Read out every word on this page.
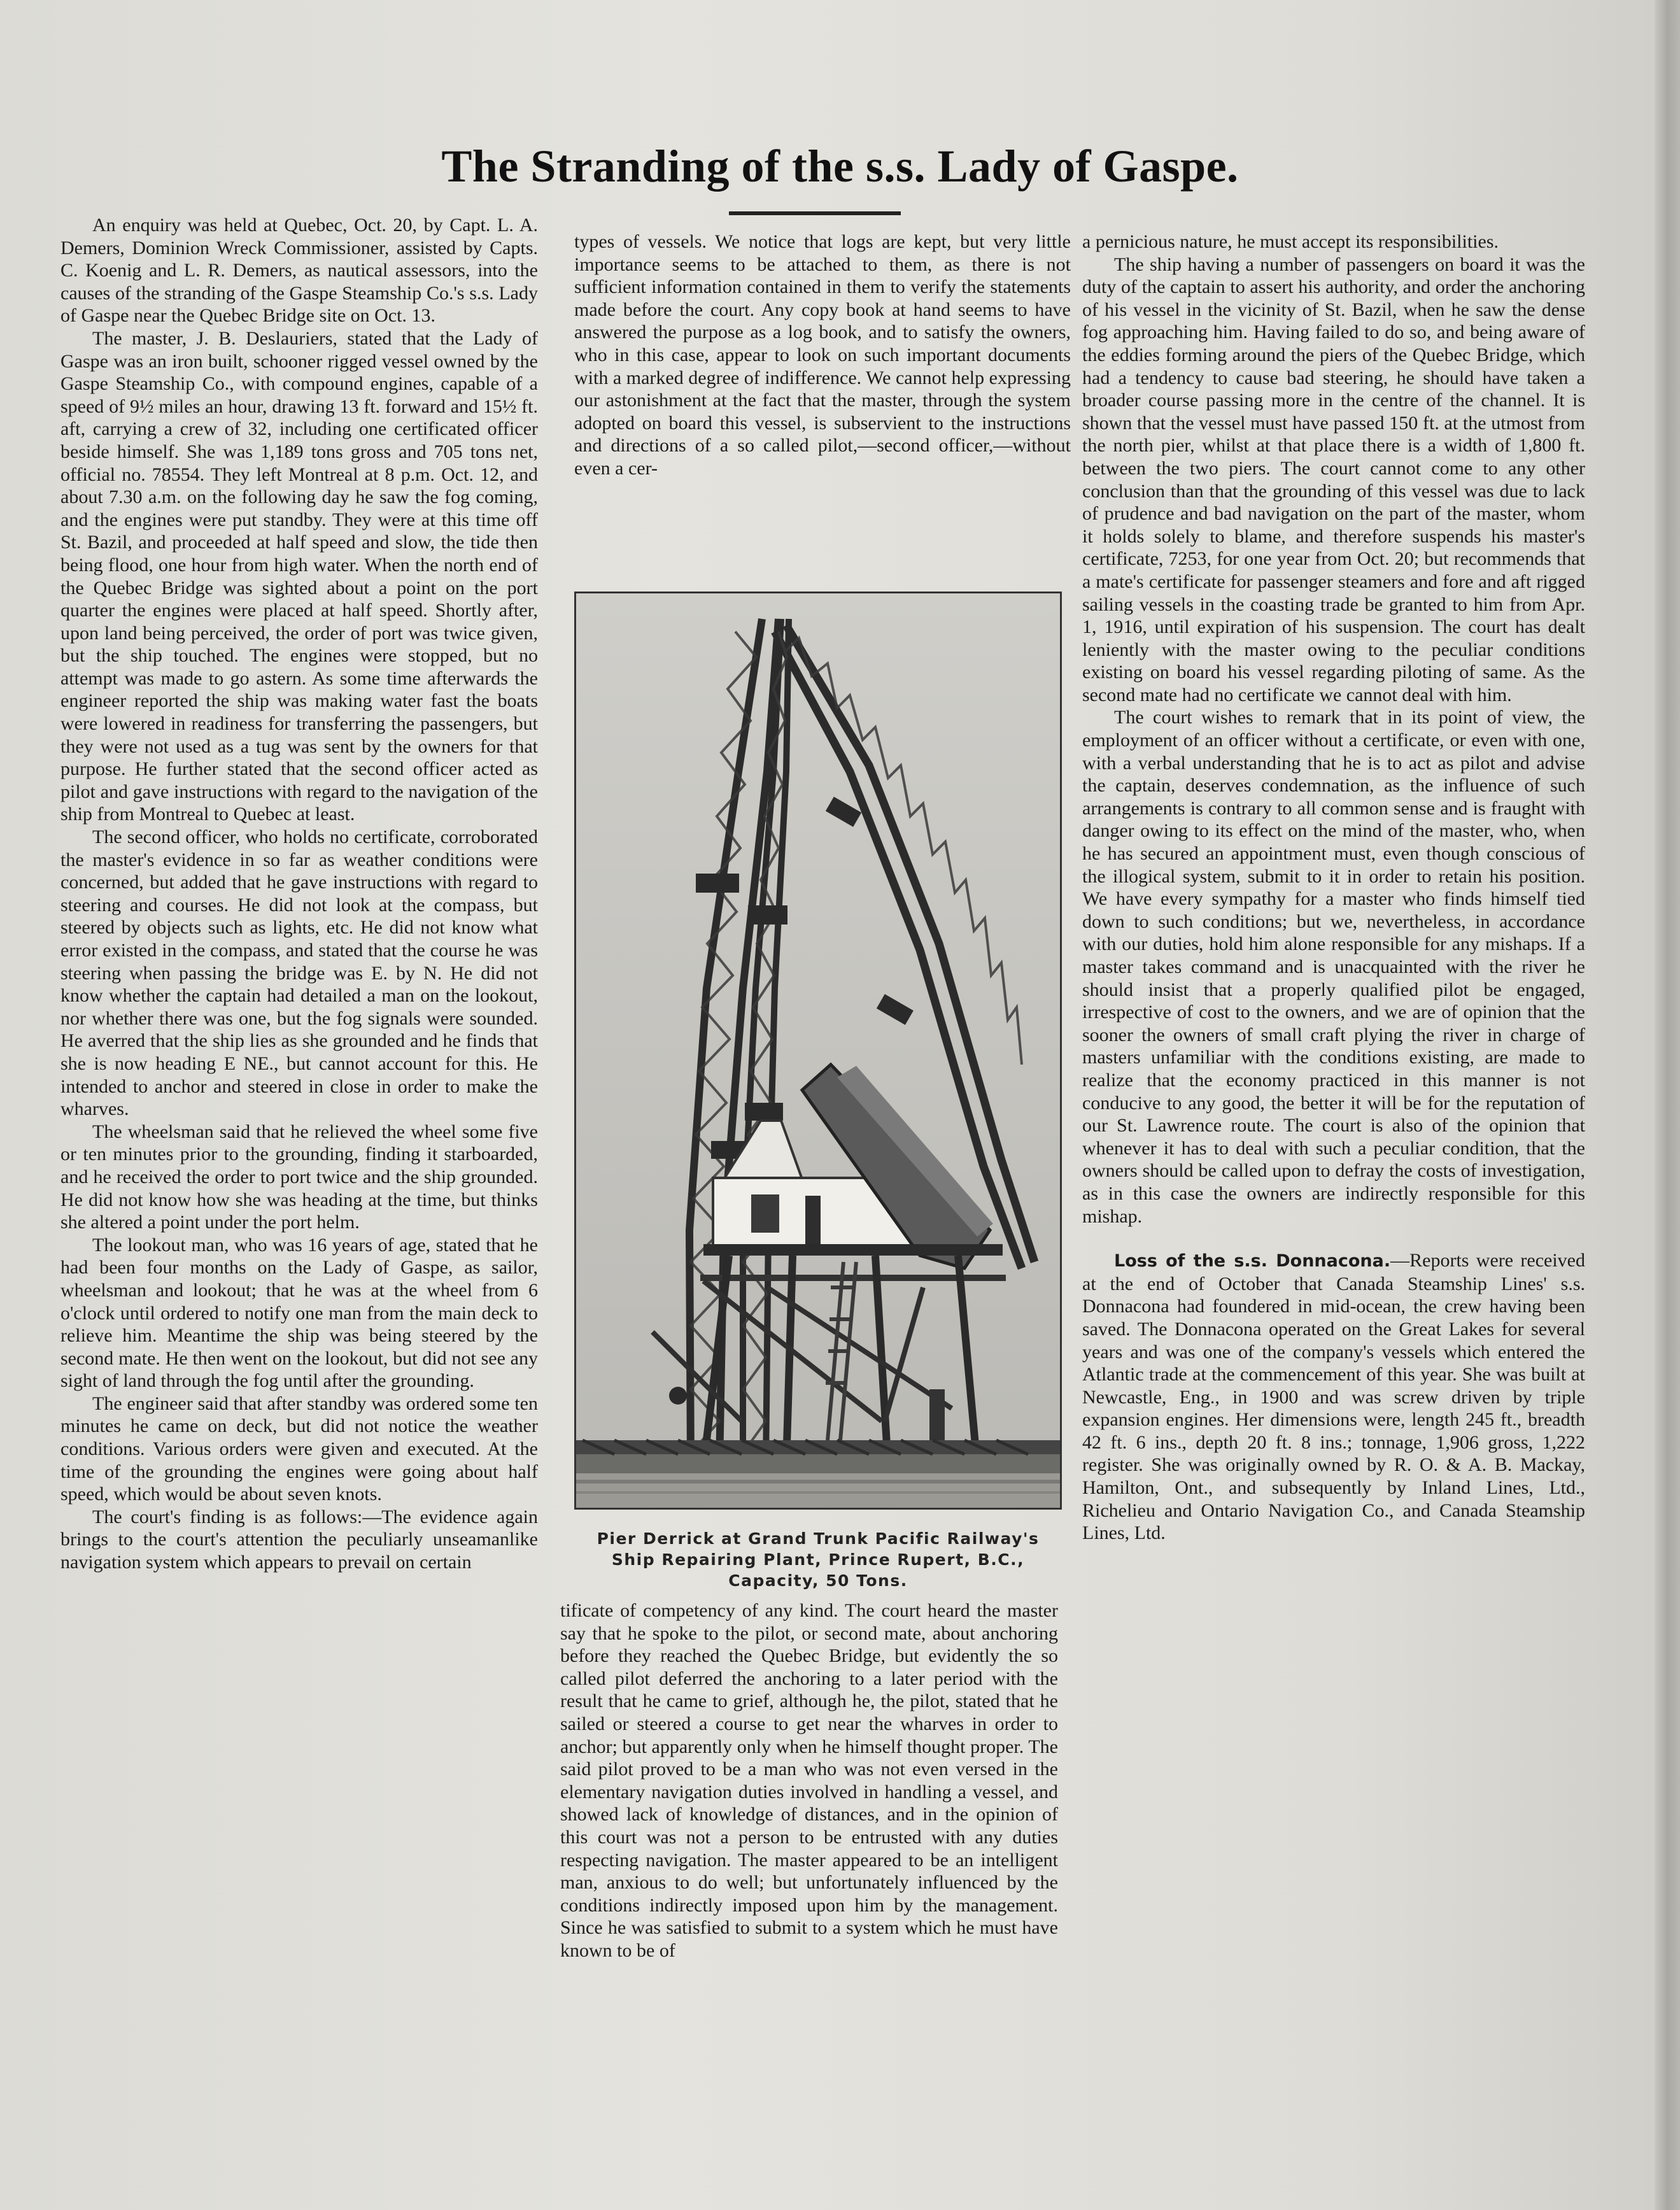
The Stranding of the s.s. Lady of Gaspe.

An enquiry was held at Quebec, Oct. 20, by Capt. L. A. Demers, Dominion Wreck Commissioner, assisted by Capts. C. Koenig and L. R. Demers, as nautical assessors, into the causes of the stranding of the Gaspe Steamship Co.'s s.s. Lady of Gaspe near the Quebec Bridge site on Oct. 13.

The master, J. B. Deslauriers, stated that the Lady of Gaspe was an iron built, schooner rigged vessel owned by the Gaspe Steamship Co., with compound engines, capable of a speed of 9½ miles an hour, drawing 13 ft. forward and 15½ ft. aft, carrying a crew of 32, including one certificated officer beside himself. She was 1,189 tons gross and 705 tons net, official no. 78554. They left Montreal at 8 p.m. Oct. 12, and about 7.30 a.m. on the following day he saw the fog coming, and the engines were put standby. They were at this time off St. Bazil, and proceeded at half speed and slow, the tide then being flood, one hour from high water. When the north end of the Quebec Bridge was sighted about a point on the port quarter the engines were placed at half speed. Shortly after, upon land being perceived, the order of port was twice given, but the ship touched. The engines were stopped, but no attempt was made to go astern. As some time afterwards the engineer reported the ship was making water fast the boats were lowered in readiness for transferring the passengers, but they were not used as a tug was sent by the owners for that purpose. He further stated that the second officer acted as pilot and gave instructions with regard to the navigation of the ship from Montreal to Quebec at least.

The second officer, who holds no certificate, corroborated the master's evidence in so far as weather conditions were concerned, but added that he gave instructions with regard to steering and courses. He did not look at the compass, but steered by objects such as lights, etc. He did not know what error existed in the compass, and stated that the course he was steering when passing the bridge was E. by N. He did not know whether the captain had detailed a man on the lookout, nor whether there was one, but the fog signals were sounded. He averred that the ship lies as she grounded and he finds that she is now heading E NE., but cannot account for this. He intended to anchor and steered in close in order to make the wharves.

The wheelsman said that he relieved the wheel some five or ten minutes prior to the grounding, finding it starboarded, and he received the order to port twice and the ship grounded. He did not know how she was heading at the time, but thinks she altered a point under the port helm.

The lookout man, who was 16 years of age, stated that he had been four months on the Lady of Gaspe, as sailor, wheelsman and lookout; that he was at the wheel from 6 o'clock until ordered to notify one man from the main deck to relieve him. Meantime the ship was being steered by the second mate. He then went on the lookout, but did not see any sight of land through the fog until after the grounding.

The engineer said that after standby was ordered some ten minutes he came on deck, but did not notice the weather conditions. Various orders were given and executed. At the time of the grounding the engines were going about half speed, which would be about seven knots.

The court's finding is as follows:—The evidence again brings to the court's attention the peculiarly unseamanlike navigation system which appears to prevail on certain

types of vessels. We notice that logs are kept, but very little importance seems to be attached to them, as there is not sufficient information contained in them to verify the statements made before the court. Any copy book at hand seems to have answered the purpose as a log book, and to satisfy the owners, who in this case, appear to look on such important documents with a marked degree of indifference. We cannot help expressing our astonishment at the fact that the master, through the system adopted on board this vessel, is subservient to the instructions and directions of a so called pilot,—second officer,—without even a cer-

Pier Derrick at Grand Trunk Pacific Railway's
Ship Repairing Plant, Prince Rupert, B.C.,
Capacity, 50 Tons.

tificate of competency of any kind. The court heard the master say that he spoke to the pilot, or second mate, about anchoring before they reached the Quebec Bridge, but evidently the so called pilot deferred the anchoring to a later period with the result that he came to grief, although he, the pilot, stated that he sailed or steered a course to get near the wharves in order to anchor; but apparently only when he himself thought proper. The said pilot proved to be a man who was not even versed in the elementary navigation duties involved in handling a vessel, and showed lack of knowledge of distances, and in the opinion of this court was not a person to be entrusted with any duties respecting navigation. The master appeared to be an intelligent man, anxious to do well; but unfortunately influenced by the conditions indirectly imposed upon him by the management. Since he was satisfied to submit to a system which he must have known to be of

a pernicious nature, he must accept its responsibilities.

The ship having a number of passengers on board it was the duty of the captain to assert his authority, and order the anchoring of his vessel in the vicinity of St. Bazil, when he saw the dense fog approaching him. Having failed to do so, and being aware of the eddies forming around the piers of the Quebec Bridge, which had a tendency to cause bad steering, he should have taken a broader course passing more in the centre of the channel. It is shown that the vessel must have passed 150 ft. at the utmost from the north pier, whilst at that place there is a width of 1,800 ft. between the two piers. The court cannot come to any other conclusion than that the grounding of this vessel was due to lack of prudence and bad navigation on the part of the master, whom it holds solely to blame, and therefore suspends his master's certificate, 7253, for one year from Oct. 20; but recommends that a mate's certificate for passenger steamers and fore and aft rigged sailing vessels in the coasting trade be granted to him from Apr. 1, 1916, until expiration of his suspension. The court has dealt leniently with the master owing to the peculiar conditions existing on board his vessel regarding piloting of same. As the second mate had no certificate we cannot deal with him.

The court wishes to remark that in its point of view, the employment of an officer without a certificate, or even with one, with a verbal understanding that he is to act as pilot and advise the captain, deserves condemnation, as the influence of such arrangements is contrary to all common sense and is fraught with danger owing to its effect on the mind of the master, who, when he has secured an appointment must, even though conscious of the illogical system, submit to it in order to retain his position. We have every sympathy for a master who finds himself tied down to such conditions; but we, nevertheless, in accordance with our duties, hold him alone responsible for any mishaps. If a master takes command and is unacquainted with the river he should insist that a properly qualified pilot be engaged, irrespective of cost to the owners, and we are of opinion that the sooner the owners of small craft plying the river in charge of masters unfamiliar with the conditions existing, are made to realize that the economy practiced in this manner is not conducive to any good, the better it will be for the reputation of our St. Lawrence route. The court is also of the opinion that whenever it has to deal with such a peculiar condition, that the owners should be called upon to defray the costs of investigation, as in this case the owners are indirectly responsible for this mishap.

Loss of the s.s. Donnacona.—Reports were received at the end of October that Canada Steamship Lines' s.s. Donnacona had foundered in mid-ocean, the crew having been saved. The Donnacona operated on the Great Lakes for several years and was one of the company's vessels which entered the Atlantic trade at the commencement of this year. She was built at Newcastle, Eng., in 1900 and was screw driven by triple expansion engines. Her dimensions were, length 245 ft., breadth 42 ft. 6 ins., depth 20 ft. 8 ins.; tonnage, 1,906 gross, 1,222 register. She was originally owned by R. O. & A. B. Mackay, Hamilton, Ont., and subsequently by Inland Lines, Ltd., Richelieu and Ontario Navigation Co., and Canada Steamship Lines, Ltd.
